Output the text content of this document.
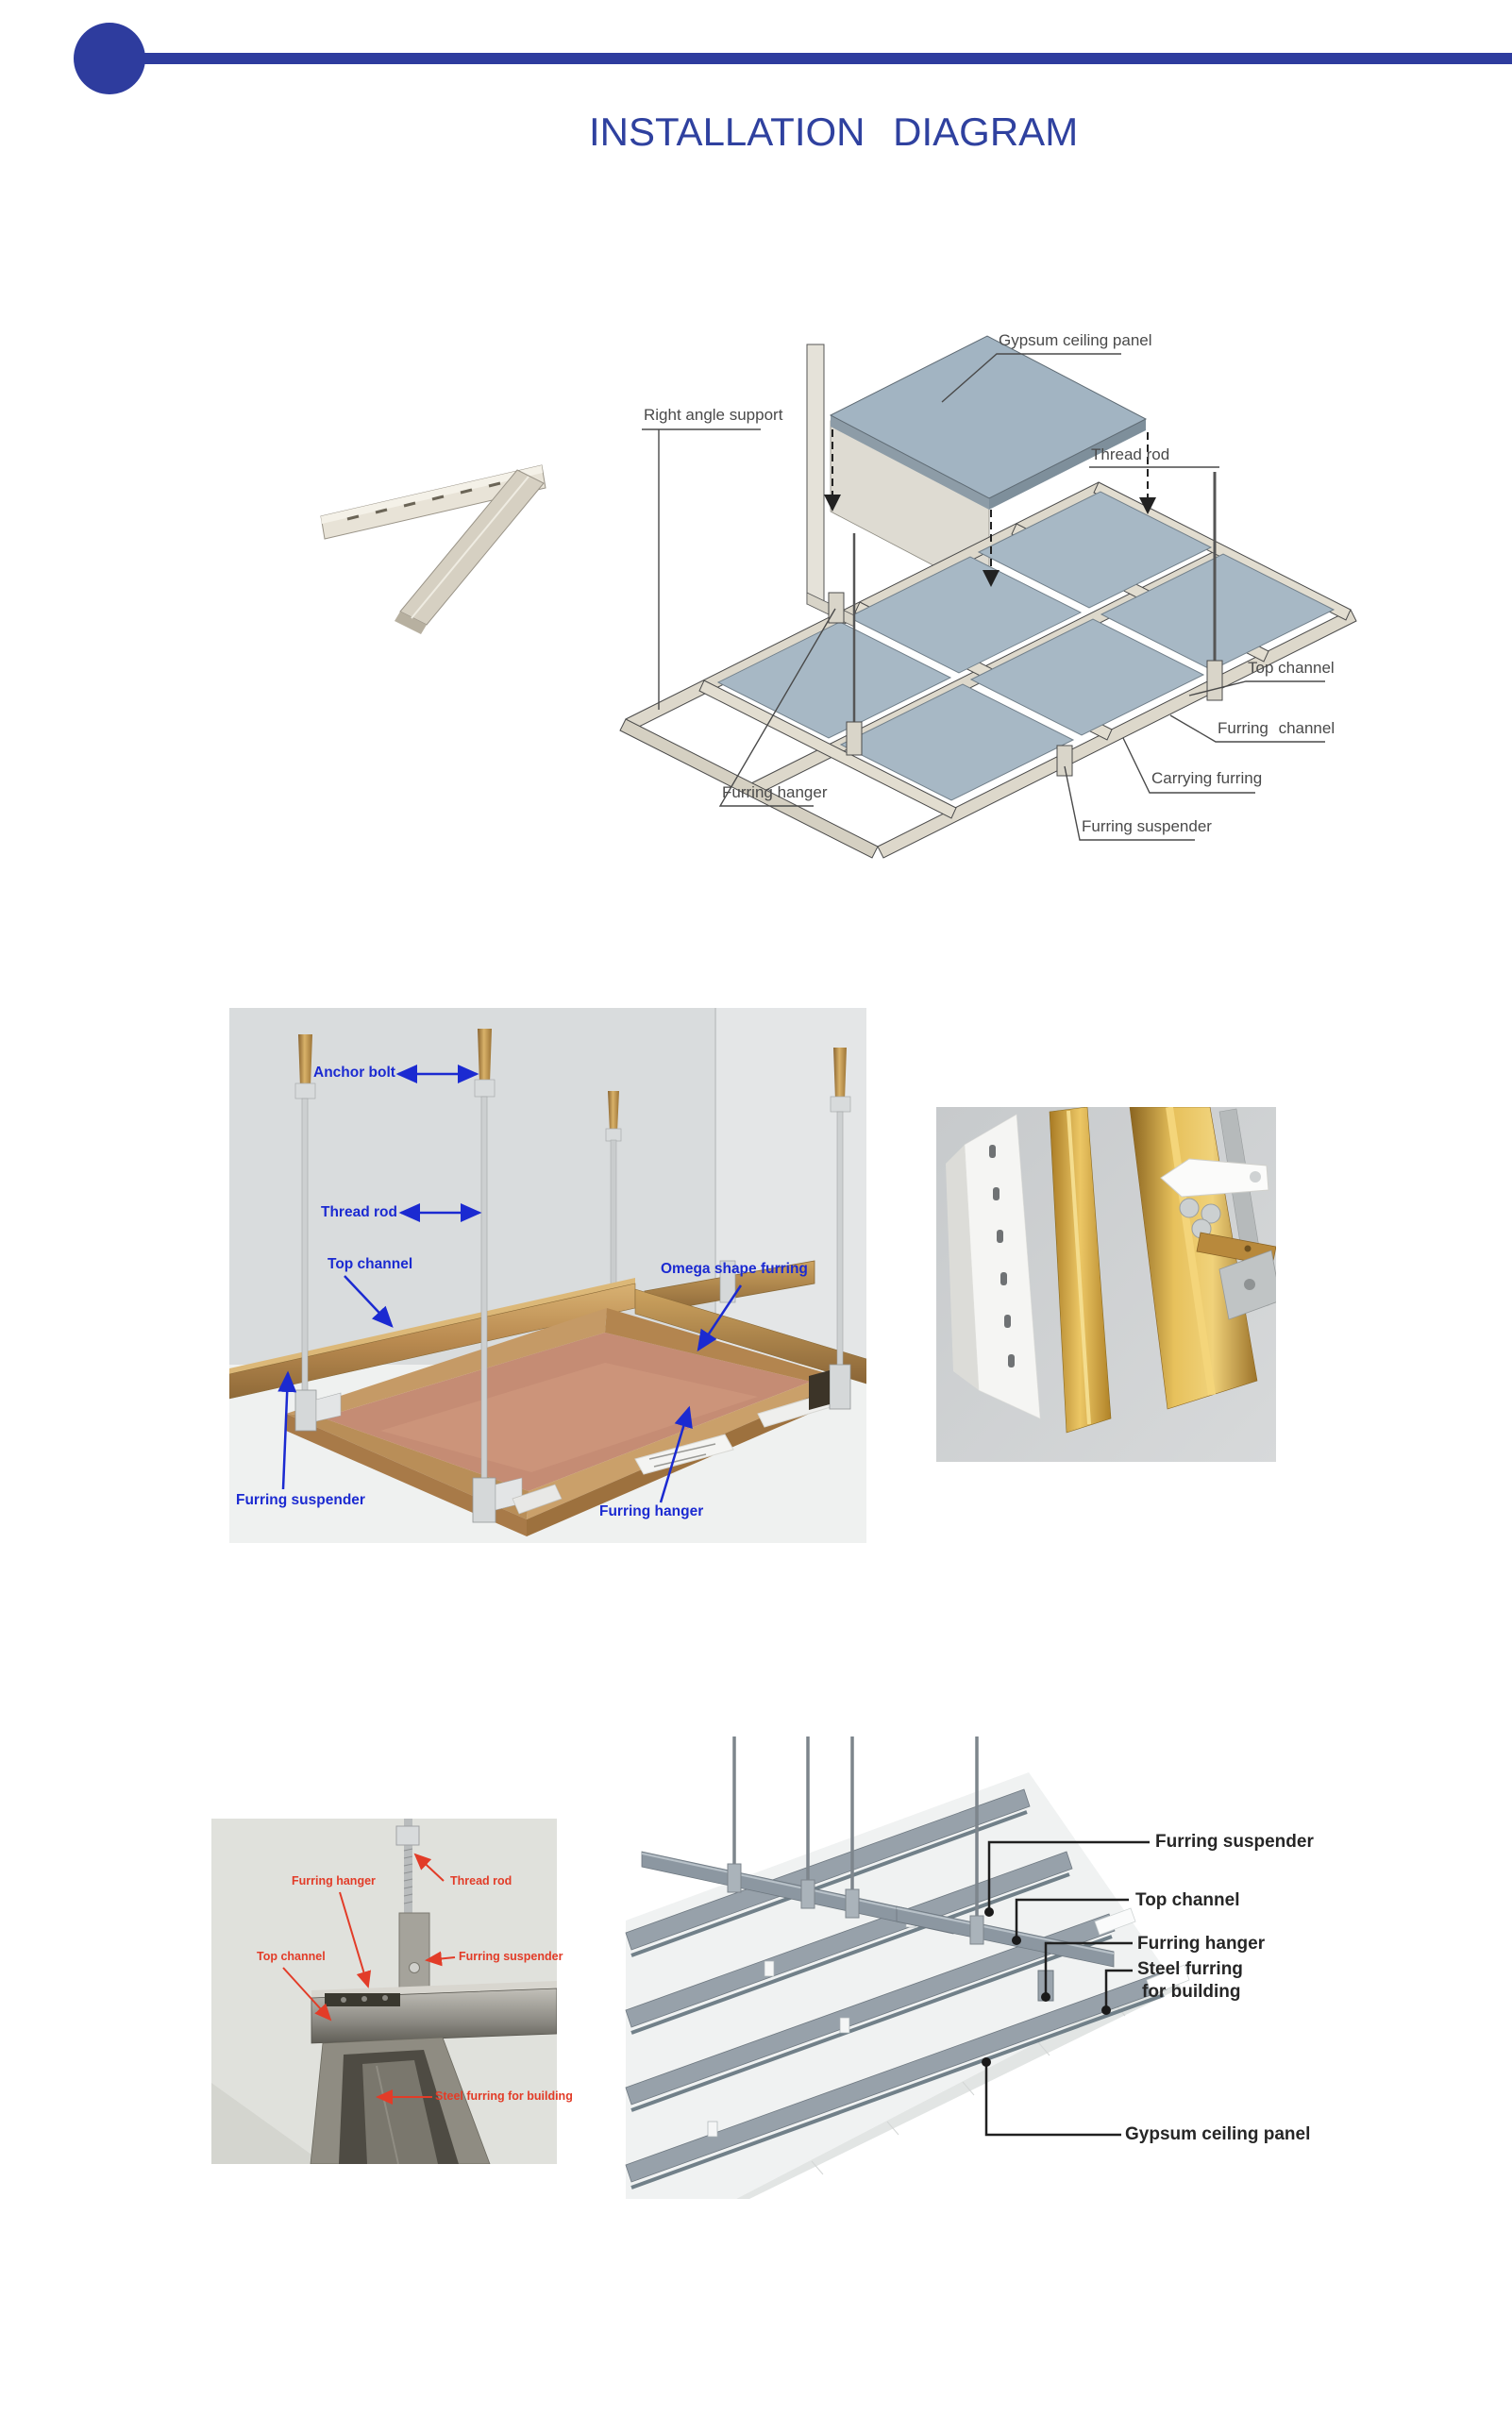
INSTALLATION DIAGRAM
Gypsum ceiling panel
Right angle support
Thread rod
Top channel
Furring channel
Carrying furring
Furring hanger
Furring suspender
Anchor bolt
Thread rod
Top channel	Omega shape furring
Furring suspender
Furring hanger
Furring hanger	Thread rod
Top channel	Furring suspender
Steel furring for building
Furring suspender
Top channel
Furring hanger
Steel furring
for building
Gypsum ceiling panel
